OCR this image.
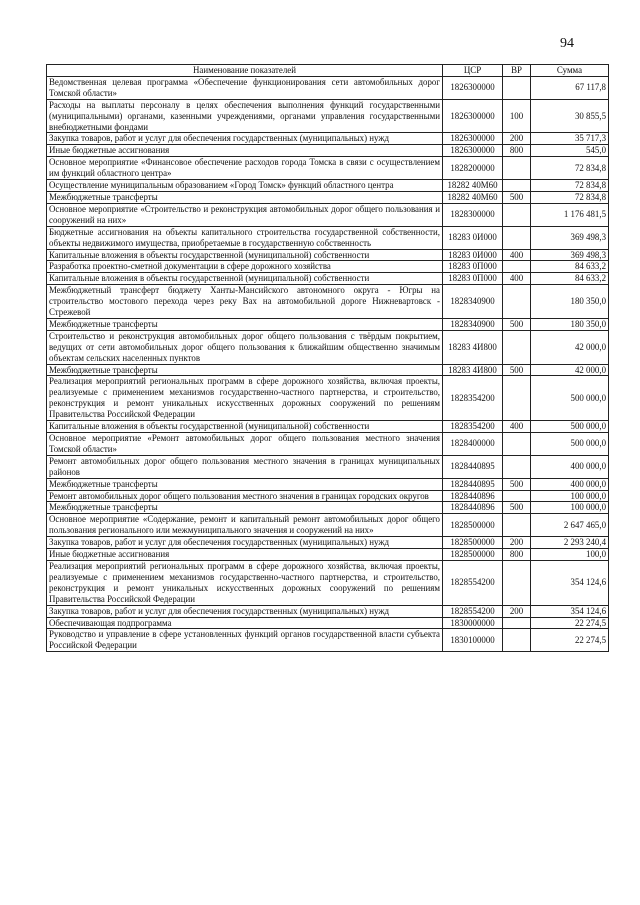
94
Наименование показателей	ЦСР	ВР	Сумма
Ведомственная целевая программа «Обеспечение функционирования сети автомобильных дорог Томской области»	1826300000		67 117,8
Расходы на выплаты персоналу в целях обеспечения выполнения функций государственными (муниципальными) органами, казенными учреждениями, органами управления государственными внебюджетными фондами	1826300000	100	30 855,5
Закупка товаров, работ и услуг для обеспечения государственных (муниципальных) нужд	1826300000	200	35 717,3
Иные бюджетные ассигнования	1826300000	800	545,0
Основное мероприятие «Финансовое обеспечение расходов города Томска в связи с осуществлением им функций областного центра»	1828200000		72 834,8
Осуществление муниципальным образованием «Город Томск» функций областного центра	18282 40М60		72 834,8
Межбюджетные трансферты	18282 40М60	500	72 834,8
Основное мероприятие «Строительство и реконструкция автомобильных дорог общего пользования и сооружений на них»	1828300000		1 176 481,5
Бюджетные ассигнования на объекты капитального строительства государственной собственности, объекты недвижимого имущества, приобретаемые в государственную собственность	18283 0И000		369 498,3
Капитальные вложения в объекты государственной (муниципальной) собственности	18283 0И000	400	369 498,3
Разработка проектно-сметной документации в сфере дорожного хозяйства	18283 0П000		84 633,2
Капитальные вложения в объекты государственной (муниципальной) собственности	18283 0П000	400	84 633,2
Межбюджетный трансферт бюджету Ханты-Мансийского автономного округа - Югры на строительство мостового перехода через реку Вах на автомобильной дороге Нижневартовск - Стрежевой	1828340900		180 350,0
Межбюджетные трансферты	1828340900	500	180 350,0
Строительство и реконструкция автомобильных дорог общего пользования с твёрдым покрытием, ведущих от сети автомобильных дорог общего пользования к ближайшим общественно значимым объектам сельских населенных пунктов	18283 4И800		42 000,0
Межбюджетные трансферты	18283 4И800	500	42 000,0
Реализация мероприятий региональных программ в сфере дорожного хозяйства, включая проекты, реализуемые с применением механизмов государственно-частного партнерства, и строительство, реконструкция и ремонт уникальных искусственных дорожных сооружений по решениям Правительства Российской Федерации	1828354200		500 000,0
Капитальные вложения в объекты государственной (муниципальной) собственности	1828354200	400	500 000,0
Основное мероприятие «Ремонт автомобильных дорог общего пользования местного значения Томской области»	1828400000		500 000,0
Ремонт автомобильных дорог общего пользования местного значения в границах муниципальных районов	1828440895		400 000,0
Межбюджетные трансферты	1828440895	500	400 000,0
Ремонт автомобильных дорог общего пользования местного значения в границах городских округов	1828440896		100 000,0
Межбюджетные трансферты	1828440896	500	100 000,0
Основное мероприятие «Содержание, ремонт и капитальный ремонт автомобильных дорог общего пользования регионального или межмуниципального значения и сооружений на них»	1828500000		2 647 465,0
Закупка товаров, работ и услуг для обеспечения государственных (муниципальных) нужд	1828500000	200	2 293 240,4
Иные бюджетные ассигнования	1828500000	800	100,0
Реализация мероприятий региональных программ в сфере дорожного хозяйства, включая проекты, реализуемые с применением механизмов государственно-частного партнерства, и строительство, реконструкция и ремонт уникальных искусственных дорожных сооружений по решениям Правительства Российской Федерации	1828554200		354 124,6
Закупка товаров, работ и услуг для обеспечения государственных (муниципальных) нужд	1828554200	200	354 124,6
Обеспечивающая подпрограмма	1830000000		22 274,5
Руководство и управление в сфере установленных функций органов государственной власти субъекта Российской Федерации	1830100000		22 274,5
